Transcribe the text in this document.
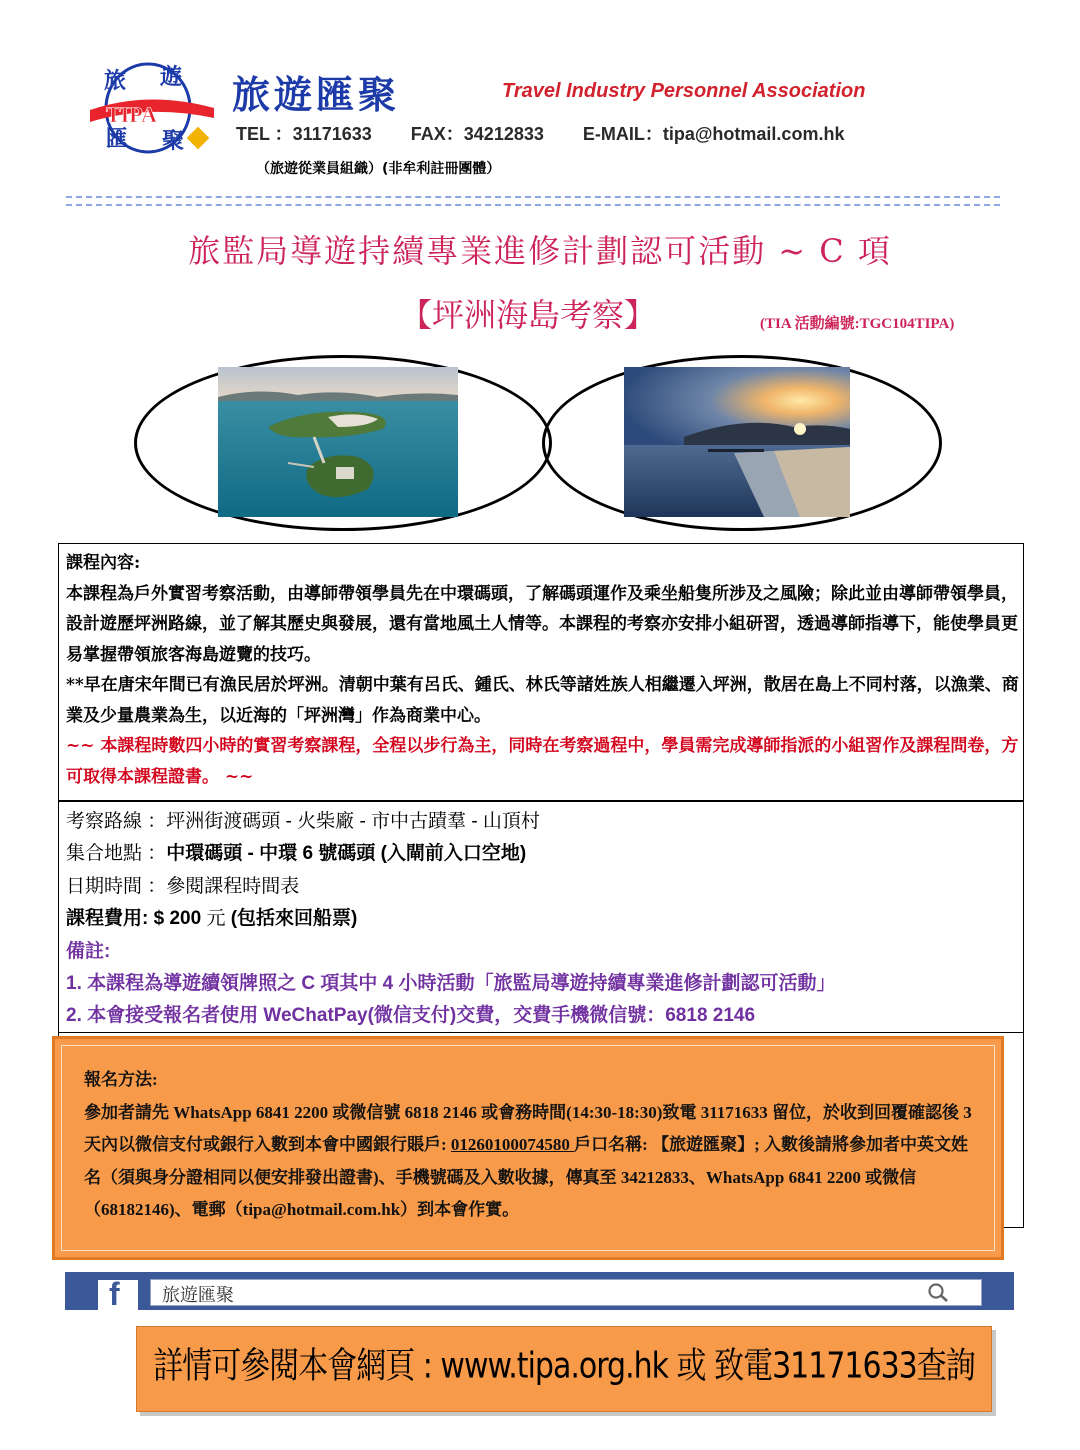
旅 遊
匯 聚
TIPA 旅遊匯聚	Travel Industry Personnel Association
TEL ：31171633 FAX：34212833 E-MAIL：tipa@hotmail.com.hk
（旅遊從業員組織）(非牟利註冊團體）
旅監局導遊持續專業進修計劃認可活動 ~ C 項
【坪洲海島考察】	(TIA 活動編號:TGC104TIPA)

課程內容:

本課程為戶外實習考察活動，由導師帶領學員先在中環碼頭，了解碼頭運作及乘坐船隻所涉及之風險；除此並由導師帶領學員，設計遊歷坪洲路線，並了解其歷史與發展，還有當地風土人情等。本課程的考察亦安排小組研習，透過導師指導下，能使學員更易掌握帶領旅客海島遊覽的技巧。

**早在唐宋年間已有漁民居於坪洲。清朝中葉有呂氏、鍾氏、林氏等諸姓族人相繼遷入坪洲，散居在島上不同村落，以漁業、商業及少量農業為生，以近海的「坪洲灣」作為商業中心。

~~ 本課程時數四小時的實習考察課程，全程以步行為主，同時在考察過程中，學員需完成導師指派的小組習作及課程問卷，方可取得本課程證書。 ~~

考察路線 ：坪洲街渡碼頭 - 火柴廠 - 市中古蹟羣 - 山頂村

集合地點 ：中環碼頭 - 中環 6 號碼頭 (入閘前入口空地)

日期時間 ：參閱課程時間表

課程費用: $ 200 元 (包括來回船票)

備註:

1. 本課程為導遊續領牌照之 C 項其中 4 小時活動「旅監局導遊持續專業進修計劃認可活動」

2. 本會接受報名者使用 WeChatPay(微信支付)交費，交費手機微信號：6818 2146

報名方法:

參加者請先 WhatsApp 6841 2200 或微信號 6818 2146 或會務時間(14:30-18:30)致電 31171633 留位，於收到回覆確認後 3 天內以微信支付或銀行入數到本會中國銀行賬戶: 01260100074580 戶口名稱: 【旅遊匯聚】; 入數後請將參加者中英文姓名（須與身分證相同以便安排發出證書)、手機號碼及入數收據，傳真至 34212833、WhatsApp 6841 2200 或微信（68182146)、電郵（tipa@hotmail.com.hk）到本會作實。

f 旅遊匯聚
詳情可參閱本會網頁 : www.tipa.org.hk 或 致電31171633查詢
